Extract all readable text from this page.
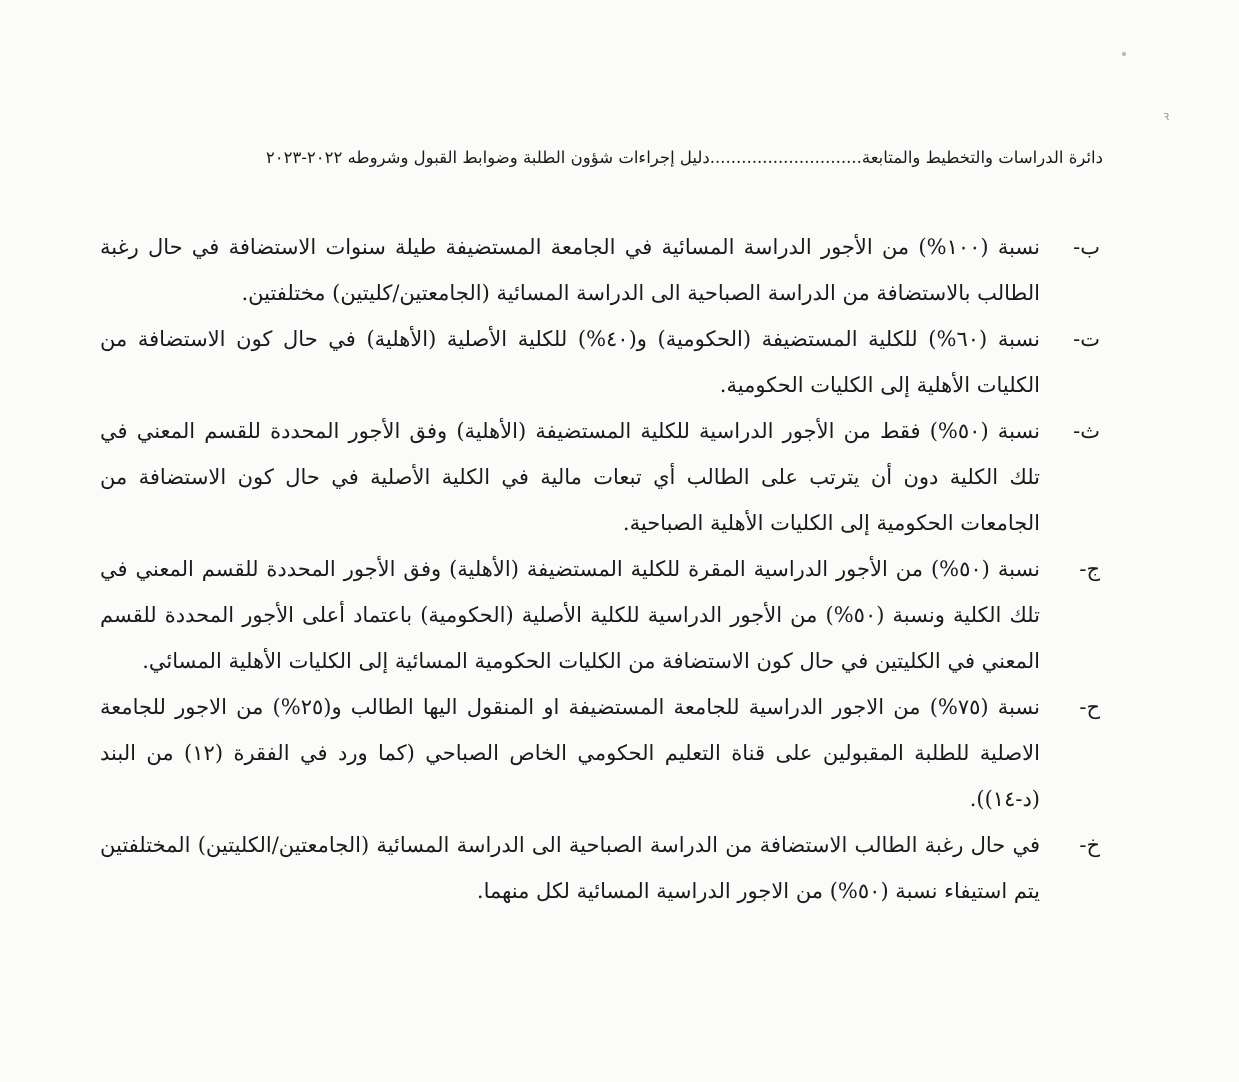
ꝛ
دائرة الدراسات والتخطيط والمتابعة.............................دليل إجراءات شؤون الطلبة وضوابط القبول وشروطه ٢٠٢٢-٢٠٢٣
ب-
نسبة (١٠٠%) من الأجور الدراسة المسائية في الجامعة المستضيفة طيلة سنوات الاستضافة في حال رغبة الطالب بالاستضافة من الدراسة الصباحية الى الدراسة المسائية (الجامعتين/كليتين) مختلفتين.
ت-
نسبة (٦٠%) للكلية المستضيفة (الحكومية) و(٤٠%) للكلية الأصلية (الأهلية) في حال كون الاستضافة من الكليات الأهلية إلى الكليات الحكومية.
ث-
نسبة (٥٠%) فقط من الأجور الدراسية للكلية المستضيفة (الأهلية) وفق الأجور المحددة للقسم المعني في تلك الكلية دون أن يترتب على الطالب أي تبعات مالية في الكلية الأصلية في حال كون الاستضافة من الجامعات الحكومية إلى الكليات الأهلية الصباحية.
ج-
نسبة (٥٠%) من الأجور الدراسية المقرة للكلية المستضيفة (الأهلية) وفق الأجور المحددة للقسم المعني في تلك الكلية ونسبة (٥٠%) من الأجور الدراسية للكلية الأصلية (الحكومية) باعتماد أعلى الأجور المحددة للقسم المعني في الكليتين في حال كون الاستضافة من الكليات الحكومية المسائية إلى الكليات الأهلية المسائي.
ح-
نسبة (٧٥%) من الاجور الدراسية للجامعة المستضيفة او المنقول اليها الطالب و(٢٥%) من الاجور للجامعة الاصلية للطلبة المقبولين على قناة التعليم الحكومي الخاص الصباحي (كما ورد في الفقرة (١٢) من البند (د-١٤)).
خ-
في حال رغبة الطالب الاستضافة من الدراسة الصباحية الى الدراسة المسائية (الجامعتين/الكليتين) المختلفتين يتم استيفاء نسبة (٥٠%) من الاجور الدراسية المسائية لكل منهما.
